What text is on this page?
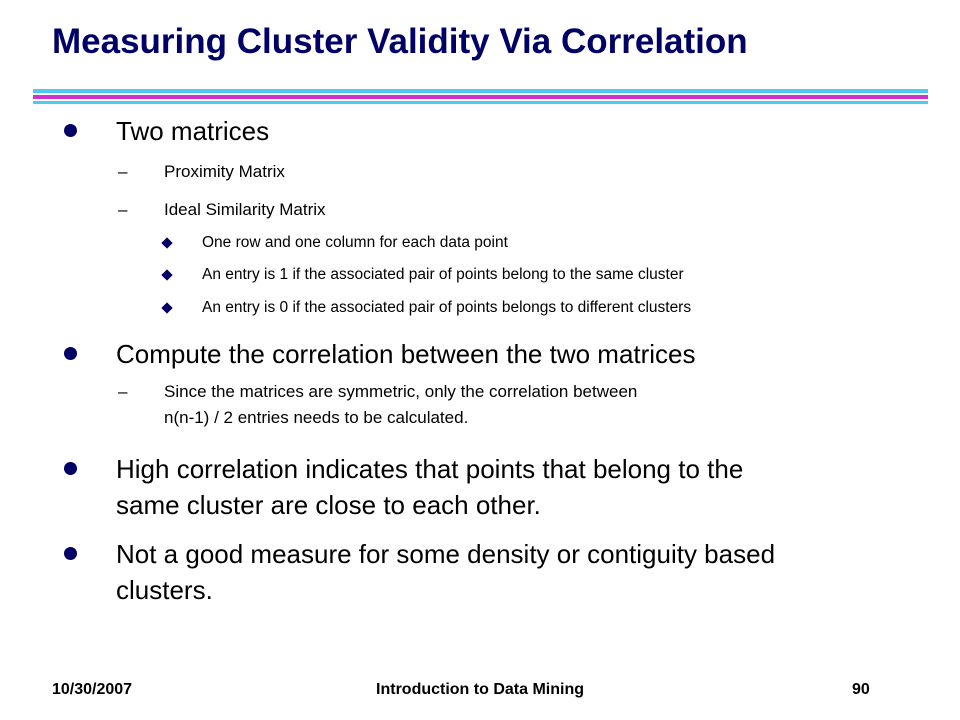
Measuring Cluster Validity Via Correlation
Two matrices
– Proximity Matrix
– Ideal Similarity Matrix
One row and one column for each data point
An entry is 1 if the associated pair of points belong to the same cluster
An entry is 0 if the associated pair of points belongs to different clusters
Compute the correlation between the two matrices
– Since the matrices are symmetric, only the correlation between
n(n-1) / 2 entries needs to be calculated.
High correlation indicates that points that belong to the
same cluster are close to each other.
Not a good measure for some density or contiguity based
clusters.
10/30/2007	Introduction to Data Mining	90
